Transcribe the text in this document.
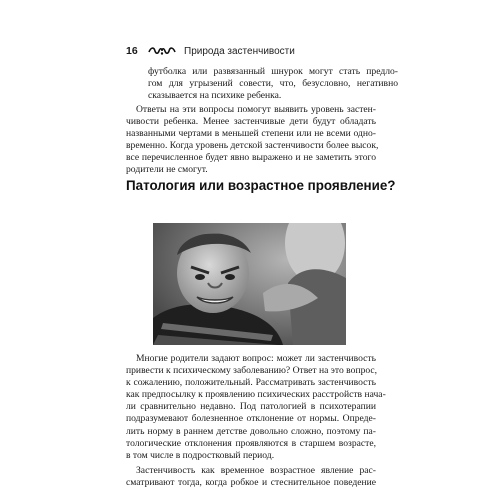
16	Природа застенчивости
футболка или развязанный шнурок могут стать предло-
гом для угрызений совести, что, безусловно, негативно
сказывается на психике ребенка.
Ответы на эти вопросы помогут выявить уровень застен-
чивости ребенка. Менее застенчивые дети будут обладать
названными чертами в меньшей степени или не всеми одно-
временно. Когда уровень детской застенчивости более высок,
все перечисленное будет явно выражено и не заметить этого
родители не смогут.
Патология или возрастное проявление?
Многие родители задают вопрос: может ли застенчивость
привести к психическому заболеванию? Ответ на это вопрос,
к сожалению, положительный. Рассматривать застенчивость
как предпосылку к проявлению психических расстройств нача-
ли сравнительно недавно. Под патологией в психотерапии
подразумевают болезненное отклонение от нормы. Опреде-
лить норму в раннем детстве довольно сложно, поэтому па-
тологические отклонения проявляются в старшем возрасте,
в том числе в подростковый период.
Застенчивость как временное возрастное явление рас-
сматривают тогда, когда робкое и стеснительное поведение
